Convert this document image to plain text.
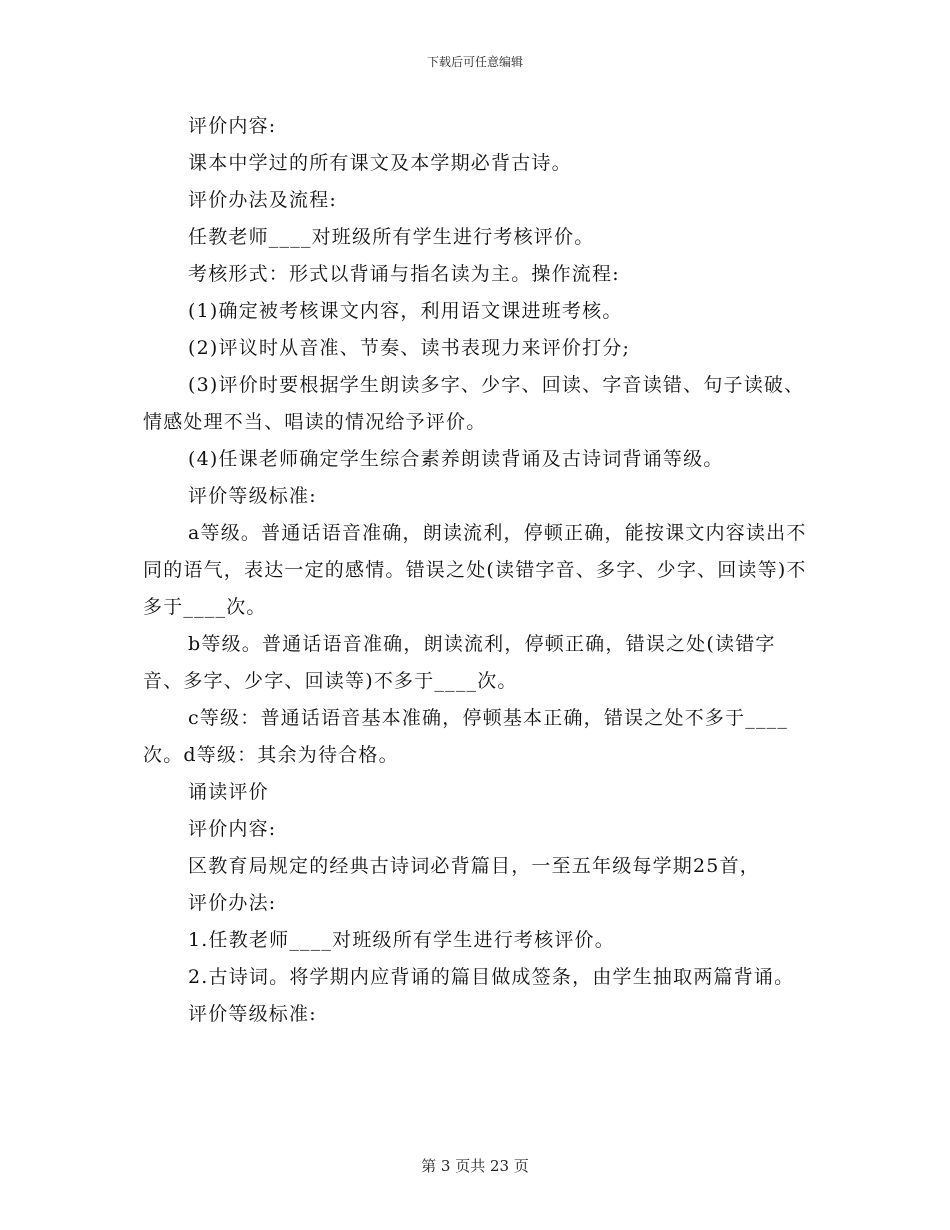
下载后可任意编辑

评价内容:

课本中学过的所有课文及本学期必背古诗。

评价办法及流程:

任教老师____对班级所有学生进行考核评价。

考核形式：形式以背诵与指名读为主。操作流程:

(1)确定被考核课文内容，利用语文课进班考核。

(2)评议时从音准、节奏、读书表现力来评价打分;

(3)评价时要根据学生朗读多字、少字、回读、字音读错、句子读破、情感处理不当、唱读的情况给予评价。

(4)任课老师确定学生综合素养朗读背诵及古诗词背诵等级。

评价等级标准:

a等级。普通话语音准确，朗读流利，停顿正确，能按课文内容读出不同的语气，表达一定的感情。错误之处(读错字音、多字、少字、回读等)不多于____次。

b等级。普通话语音准确，朗读流利，停顿正确，错误之处(读错字音、多字、少字、回读等)不多于____次。

c等级：普通话语音基本准确，停顿基本正确，错误之处不多于____次。d等级：其余为待合格。

诵读评价

评价内容:

区教育局规定的经典古诗词必背篇目，一至五年级每学期25首，

评价办法:

1.任教老师____对班级所有学生进行考核评价。

2.古诗词。将学期内应背诵的篇目做成签条，由学生抽取两篇背诵。

评价等级标准:

第 3 页共 23 页
